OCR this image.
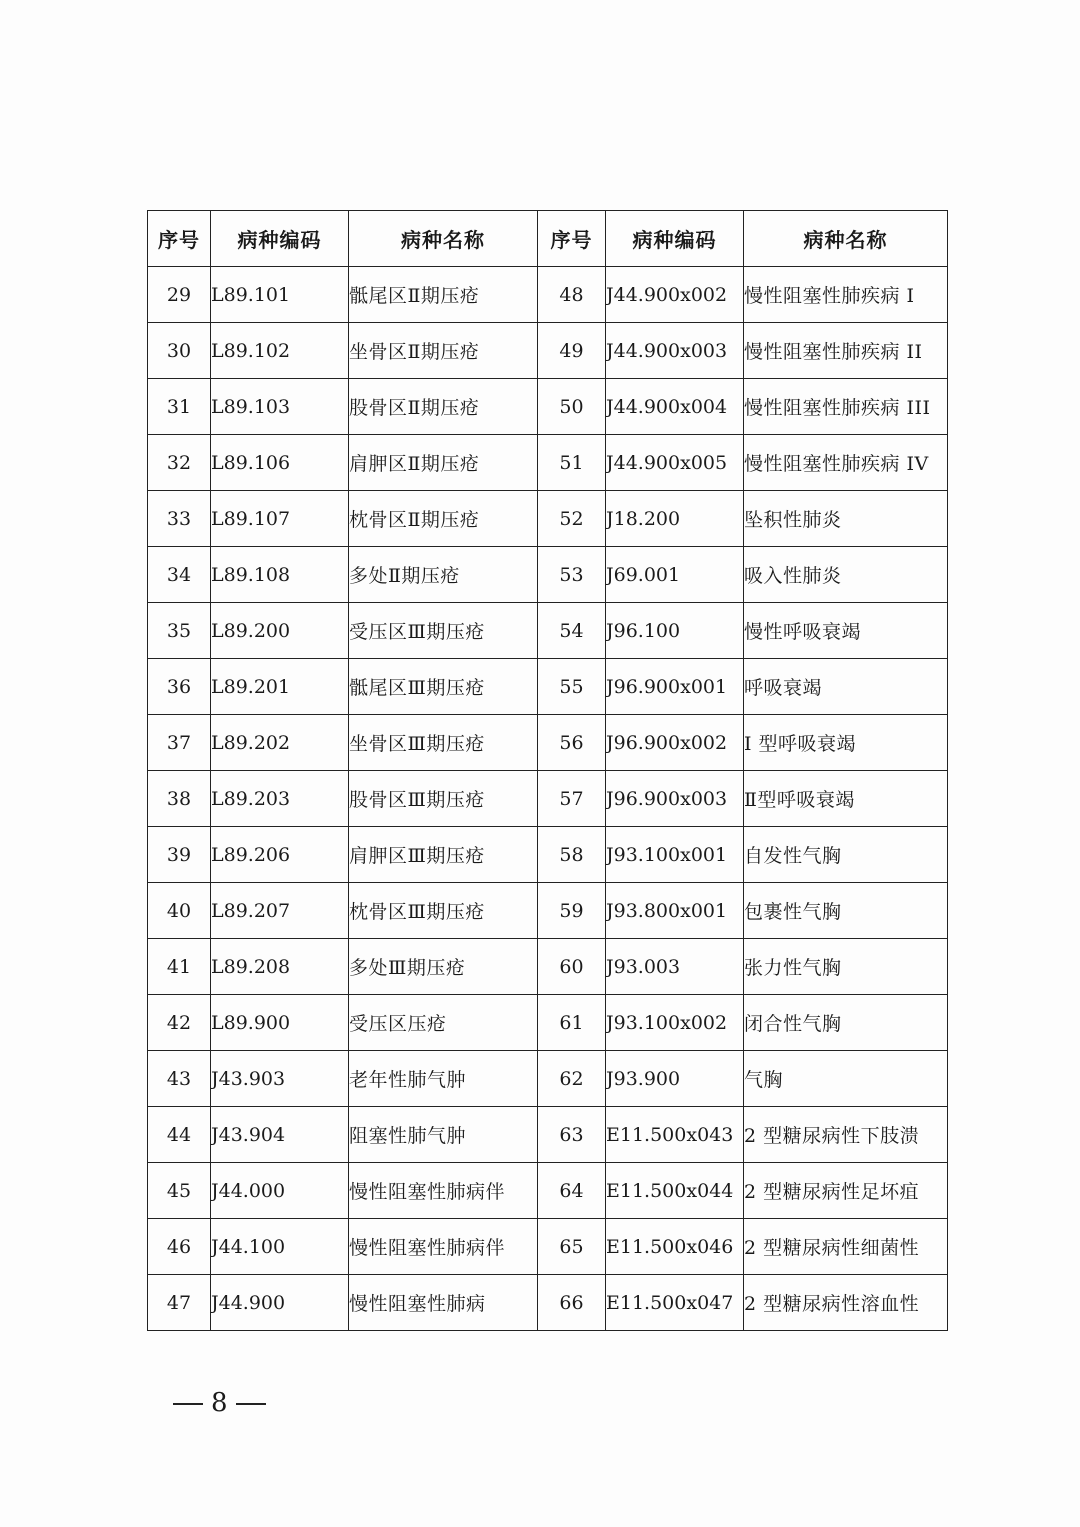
序号	病种编码	病种名称	序号	病种编码	病种名称
29	L89.101	骶尾区Ⅱ期压疮	48	J44.900x002	慢性阻塞性肺疾病 I
30	L89.102	坐骨区Ⅱ期压疮	49	J44.900x003	慢性阻塞性肺疾病 II
31	L89.103	股骨区Ⅱ期压疮	50	J44.900x004	慢性阻塞性肺疾病 III
32	L89.106	肩胛区Ⅱ期压疮	51	J44.900x005	慢性阻塞性肺疾病 IV
33	L89.107	枕骨区Ⅱ期压疮	52	J18.200	坠积性肺炎
34	L89.108	多处Ⅱ期压疮	53	J69.001	吸入性肺炎
35	L89.200	受压区Ⅲ期压疮	54	J96.100	慢性呼吸衰竭
36	L89.201	骶尾区Ⅲ期压疮	55	J96.900x001	呼吸衰竭
37	L89.202	坐骨区Ⅲ期压疮	56	J96.900x002	I 型呼吸衰竭
38	L89.203	股骨区Ⅲ期压疮	57	J96.900x003	Ⅱ型呼吸衰竭
39	L89.206	肩胛区Ⅲ期压疮	58	J93.100x001	自发性气胸
40	L89.207	枕骨区Ⅲ期压疮	59	J93.800x001	包裹性气胸
41	L89.208	多处Ⅲ期压疮	60	J93.003	张力性气胸
42	L89.900	受压区压疮	61	J93.100x002	闭合性气胸
43	J43.903	老年性肺气肿	62	J93.900	气胸
44	J43.904	阻塞性肺气肿	63	E11.500x043	2 型糖尿病性下肢溃
45	J44.000	慢性阻塞性肺病伴	64	E11.500x044	2 型糖尿病性足坏疽
46	J44.100	慢性阻塞性肺病伴	65	E11.500x046	2 型糖尿病性细菌性
47	J44.900	慢性阻塞性肺病	66	E11.500x047	2 型糖尿病性溶血性
8
